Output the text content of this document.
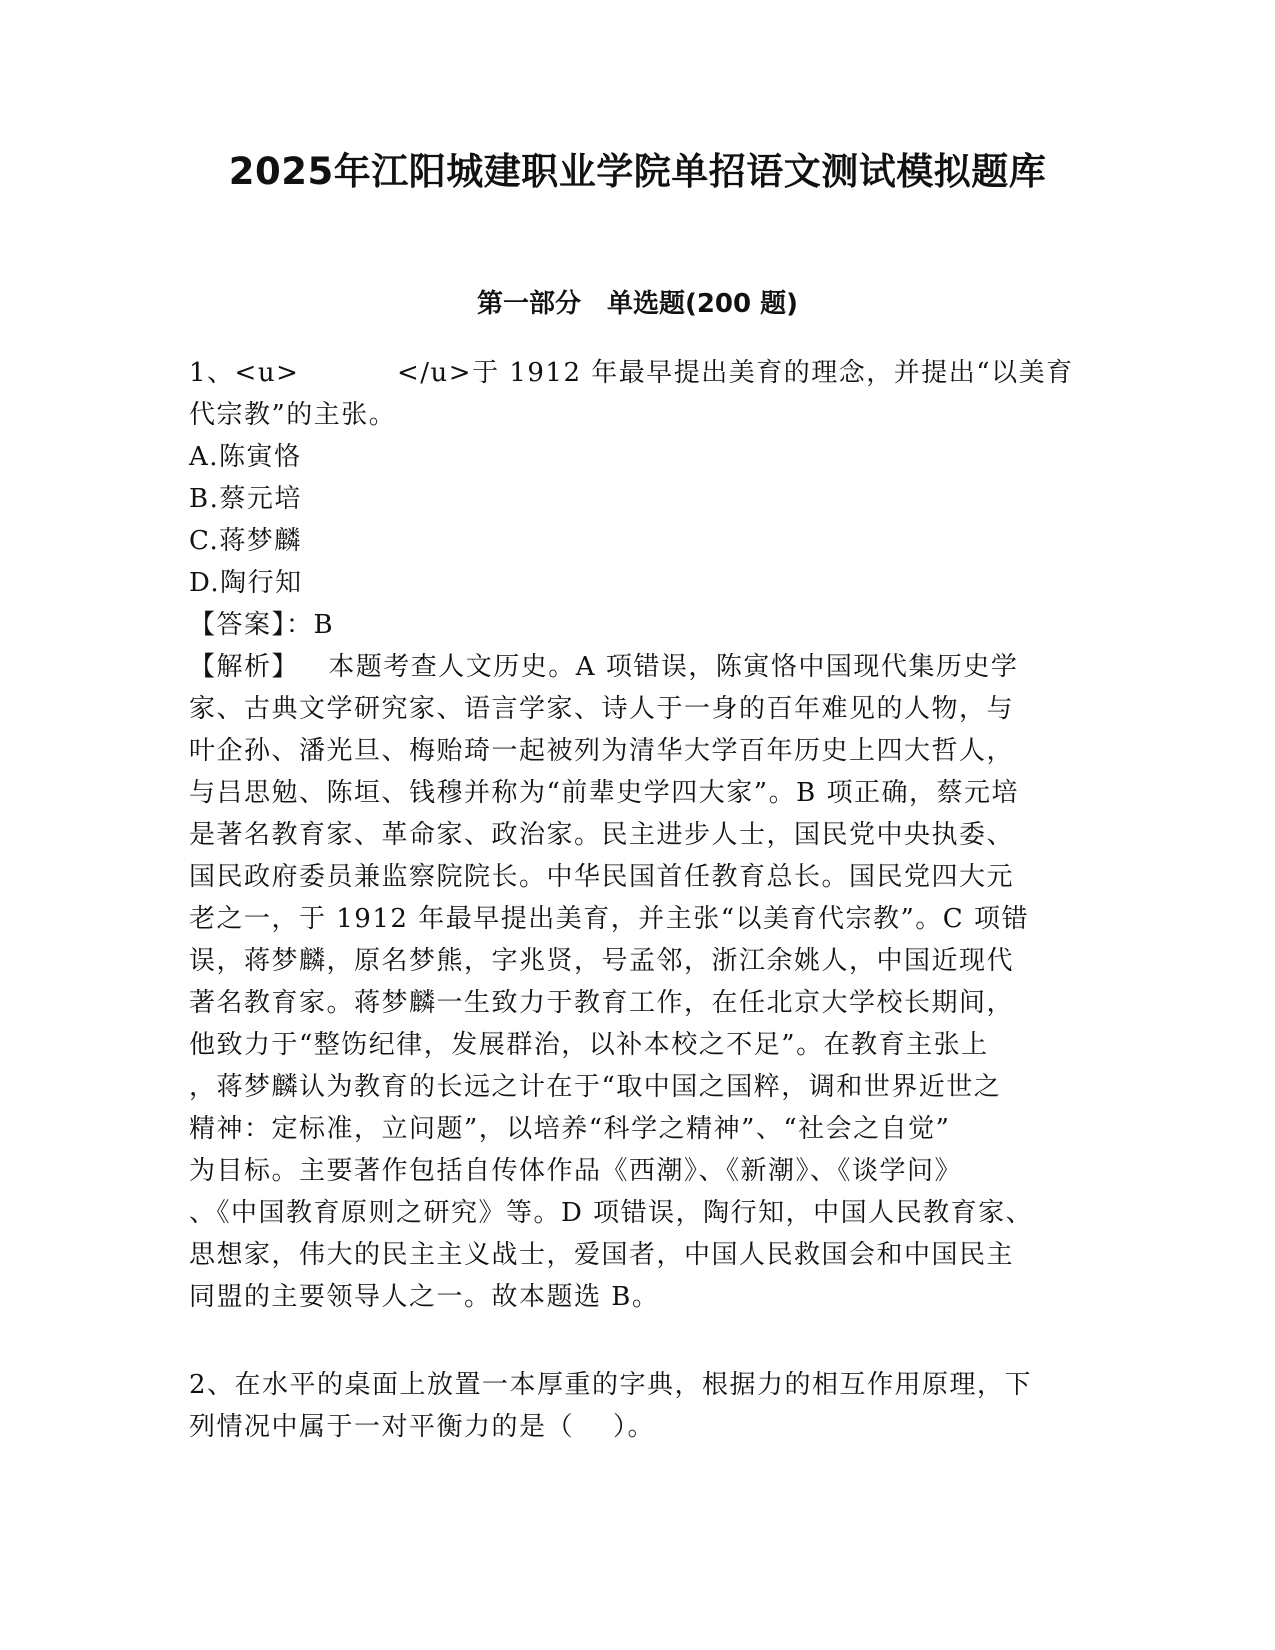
2025年江阳城建职业学院单招语文测试模拟题库
第一部分　单选题(200 题)
1、<u>          </u>于 1912 年最早提出美育的理念，并提出“以美育
代宗教”的主张。
A.陈寅恪
B.蔡元培
C.蒋梦麟
D.陶行知
【答案】：B
【解析】   本题考查人文历史。A 项错误，陈寅恪中国现代集历史学
家、古典文学研究家、语言学家、诗人于一身的百年难见的人物，与
叶企孙、潘光旦、梅贻琦一起被列为清华大学百年历史上四大哲人，
与吕思勉、陈垣、钱穆并称为“前辈史学四大家”。B 项正确，蔡元培
是著名教育家、革命家、政治家。民主进步人士，国民党中央执委、
国民政府委员兼监察院院长。中华民国首任教育总长。国民党四大元
老之一，于 1912 年最早提出美育，并主张“以美育代宗教”。C 项错
误，蒋梦麟，原名梦熊，字兆贤，号孟邻，浙江余姚人，中国近现代
著名教育家。蒋梦麟一生致力于教育工作，在任北京大学校长期间，
他致力于“整饬纪律，发展群治，以补本校之不足”。在教育主张上
，蒋梦麟认为教育的长远之计在于“取中国之国粹，调和世界近世之
精神：定标准，立问题”，以培养“科学之精神”、“社会之自觉”
为目标。主要著作包括自传体作品《西潮》、《新潮》、《谈学问》
、《中国教育原则之研究》等。D 项错误，陶行知，中国人民教育家、
思想家，伟大的民主主义战士，爱国者，中国人民救国会和中国民主
同盟的主要领导人之一。故本题选 B。
2、在水平的桌面上放置一本厚重的字典，根据力的相互作用原理，下
列情况中属于一对平衡力的是（    ）。
